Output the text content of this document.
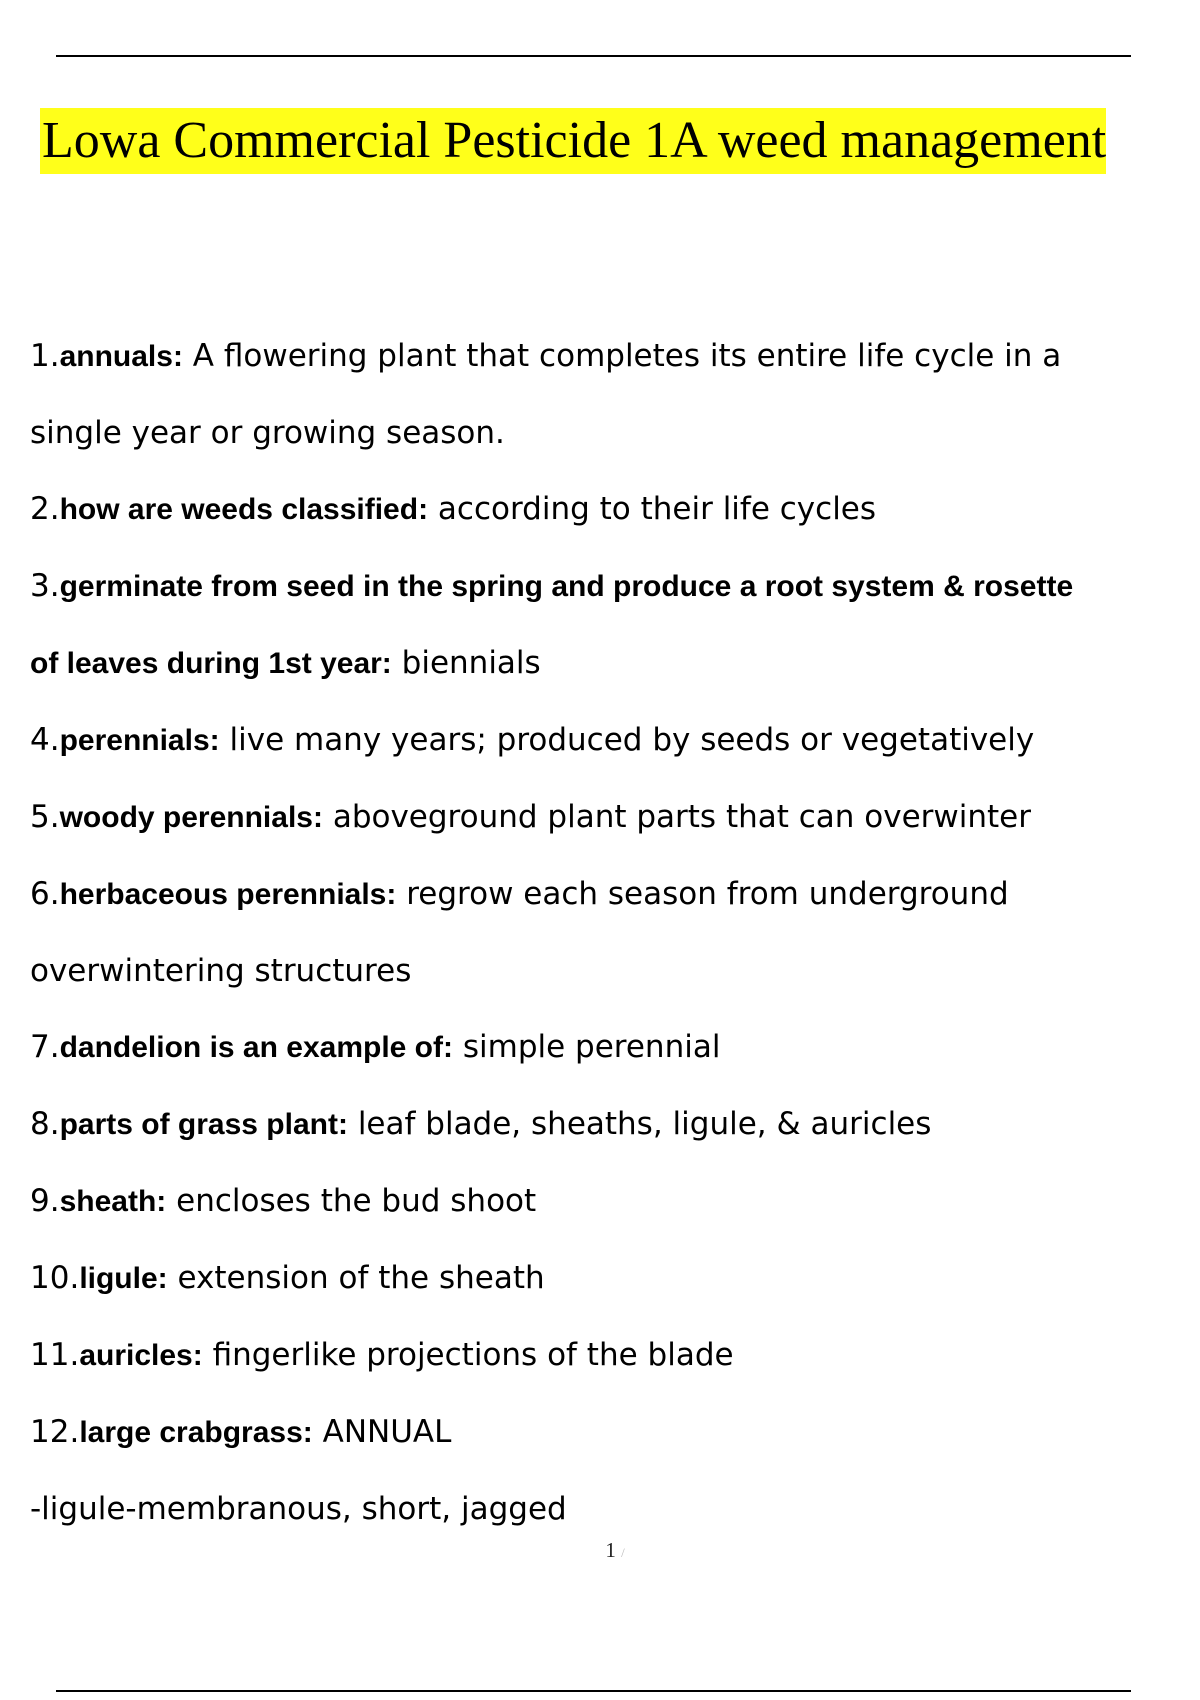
Lowa Commercial Pesticide 1A weed management
1.annuals: A flowering plant that completes its entire life cycle in a
single year or growing season.
2.how are weeds classified: according to their life cycles
3.germinate from seed in the spring and produce a root system & rosette
of leaves during 1st year: biennials
4.perennials: live many years; produced by seeds or vegetatively
5.woody perennials: aboveground plant parts that can overwinter
6.herbaceous perennials: regrow each season from underground
overwintering structures
7.dandelion is an example of: simple perennial
8.parts of grass plant: leaf blade, sheaths, ligule, & auricles
9.sheath: encloses the bud shoot
10.ligule: extension of the sheath
11.auricles: fingerlike projections of the blade
12.large crabgrass: ANNUAL
-ligule-membranous, short, jagged
1 /
